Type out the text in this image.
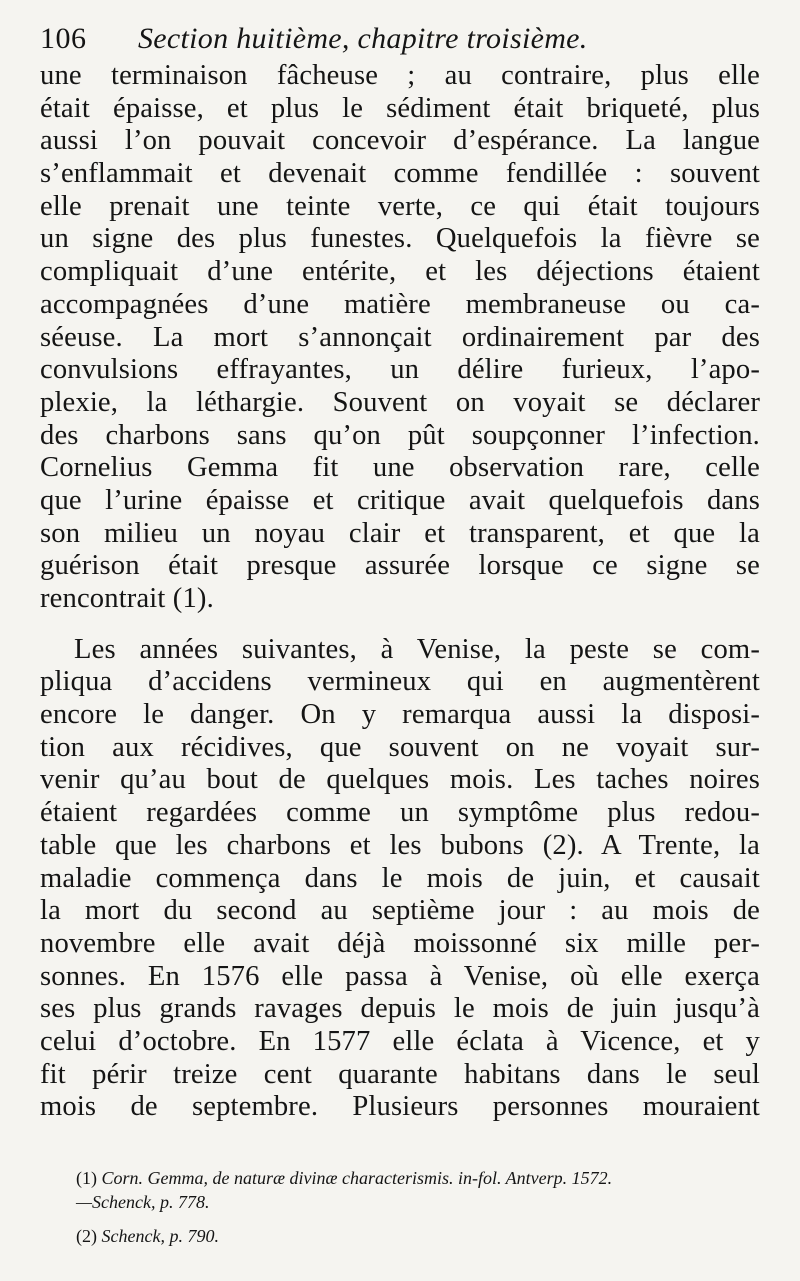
106 Section huitième, chapitre troisième.
une terminaison fâcheuse ; au contraire, plus elle
était épaisse, et plus le sédiment était briqueté, plus
aussi l’on pouvait concevoir d’espérance. La langue
s’enflammait et devenait comme fendillée : souvent
elle prenait une teinte verte, ce qui était toujours
un signe des plus funestes. Quelquefois la fièvre se
compliquait d’une entérite, et les déjections étaient
accompagnées d’une matière membraneuse ou ca-
séeuse. La mort s’annonçait ordinairement par des
convulsions effrayantes, un délire furieux, l’apo-
plexie, la léthargie. Souvent on voyait se déclarer
des charbons sans qu’on pût soupçonner l’infection.
Cornelius Gemma fit une observation rare, celle
que l’urine épaisse et critique avait quelquefois dans
son milieu un noyau clair et transparent, et que la
guérison était presque assurée lorsque ce signe se
rencontrait (1).
Les années suivantes, à Venise, la peste se com-
pliqua d’accidens vermineux qui en augmentèrent
encore le danger. On y remarqua aussi la disposi-
tion aux récidives, que souvent on ne voyait sur-
venir qu’au bout de quelques mois. Les taches noires
étaient regardées comme un symptôme plus redou-
table que les charbons et les bubons (2). A Trente, la
maladie commença dans le mois de juin, et causait
la mort du second au septième jour : au mois de
novembre elle avait déjà moissonné six mille per-
sonnes. En 1576 elle passa à Venise, où elle exerça
ses plus grands ravages depuis le mois de juin jusqu’à
celui d’octobre. En 1577 elle éclata à Vicence, et y
fit périr treize cent quarante habitans dans le seul
mois de septembre. Plusieurs personnes mouraient
(1) Corn. Gemma, de naturæ divinæ characterismis. in-fol. Antverp. 1572.
—Schenck, p. 778.
(2) Schenck, p. 790.
